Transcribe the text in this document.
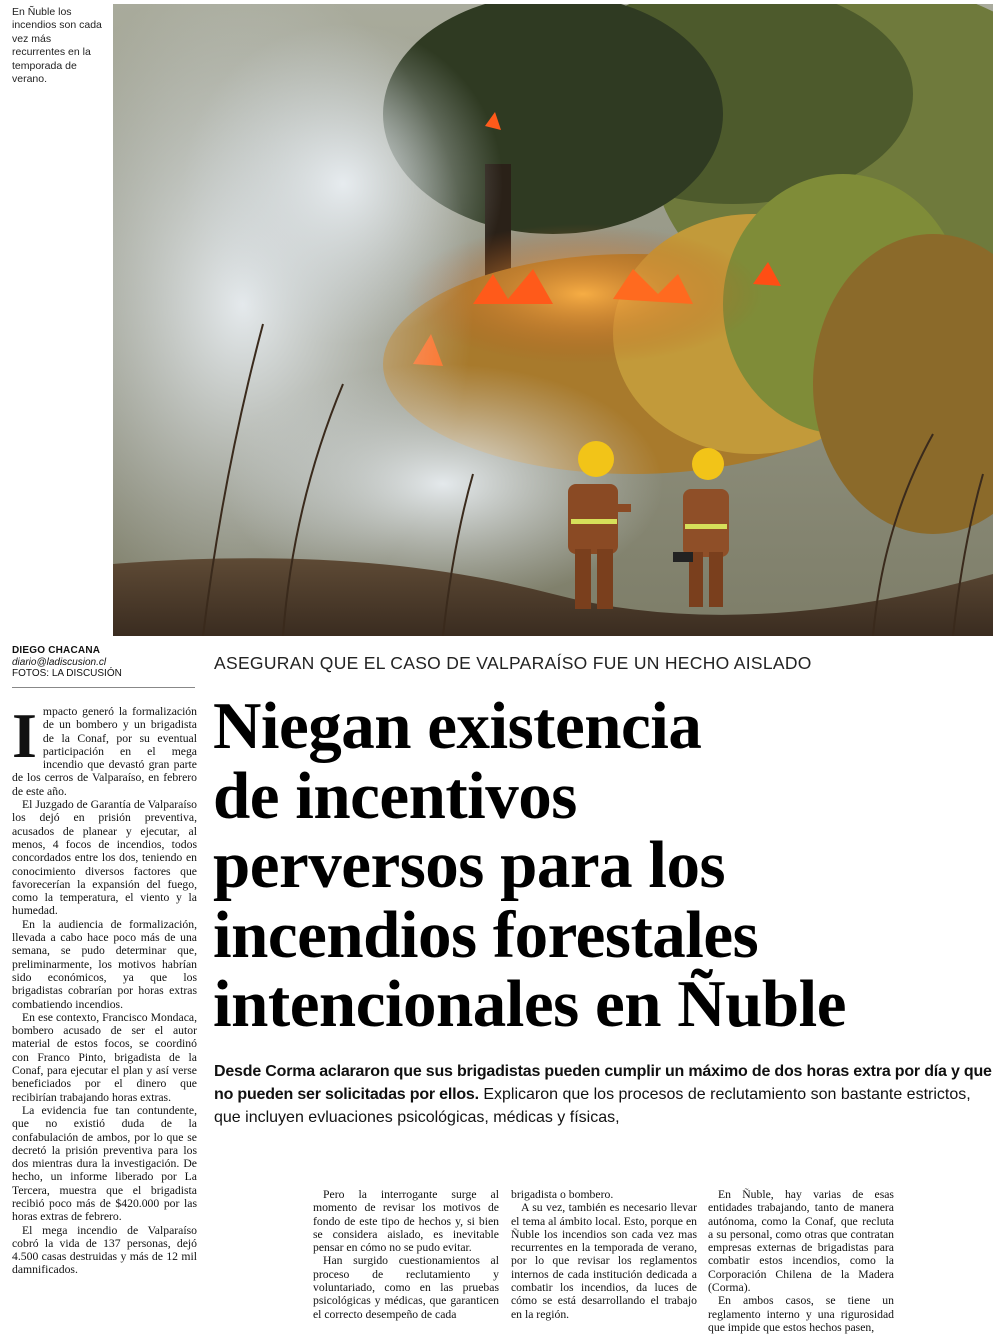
En Ñuble los incendios son cada vez más recurrentes en la temporada de verano.
DIEGO CHACANA
diario@ladiscusion.cl
FOTOS: LA DISCUSIÓN
ASEGURAN QUE EL CASO DE VALPARAÍSO FUE UN HECHO AISLADO
Niegan existencia
de incentivos
perversos para los
incendios forestales
intencionales en Ñuble
Desde Corma aclararon que sus brigadistas pueden cumplir un máximo de dos horas extra por día y que no pueden ser solicitadas por ellos. Explicaron que los procesos de reclutamiento son bastante estrictos, que incluyen evluaciones psicológicas, médicas y físicas,
I mpacto generó la formalización de un bombero y un brigadista de la Conaf, por su eventual participación en el mega incendio que devastó gran parte de los cerros de Valparaíso, en febrero de este año.

El Juzgado de Garantía de Valparaíso los dejó en prisión preventiva, acusados de planear y ejecutar, al menos, 4 focos de incendios, todos concordados entre los dos, teniendo en conocimiento diversos factores que favorecerían la expansión del fuego, como la temperatura, el viento y la humedad.

En la audiencia de formalización, llevada a cabo hace poco más de una semana, se pudo determinar que, preliminarmente, los motivos habrían sido económicos, ya que los brigadistas cobrarían por horas extras combatiendo incendios.

En ese contexto, Francisco Mondaca, bombero acusado de ser el autor material de estos focos, se coordinó con Franco Pinto, brigadista de la Conaf, para ejecutar el plan y así verse beneficiados por el dinero que recibirían trabajando horas extras.

La evidencia fue tan contundente, que no existió duda de la confabulación de ambos, por lo que se decretó la prisión preventiva para los dos mientras dura la investigación. De hecho, un informe liberado por La Tercera, muestra que el brigadista recibió poco más de $420.000 por las horas extras de febrero.

El mega incendio de Valparaíso cobró la vida de 137 personas, dejó 4.500 casas destruidas y más de 12 mil damnificados.

Pero la interrogante surge al momento de revisar los motivos de fondo de este tipo de hechos y, si bien se considera aislado, es inevitable pensar en cómo no se pudo evitar.

Han surgido cuestionamientos al proceso de reclutamiento y voluntariado, como en las pruebas psicológicas y médicas, que garanticen el correcto desempeño de cada

brigadista o bombero.

A su vez, también es necesario llevar el tema al ámbito local. Esto, porque en Ñuble los incendios son cada vez mas recurrentes en la temporada de verano, por lo que revisar los reglamentos internos de cada institución dedicada a combatir los incendios, da luces de cómo se está desarrollando el trabajo en la región.

En Ñuble, hay varias de esas entidades trabajando, tanto de manera autónoma, como la Conaf, que recluta a su personal, como otras que contratan empresas externas de brigadistas para combatir estos incendios, como la Corporación Chilena de la Madera (Corma).

En ambos casos, se tiene un reglamento interno y una rigurosidad que impide que estos hechos pasen,
